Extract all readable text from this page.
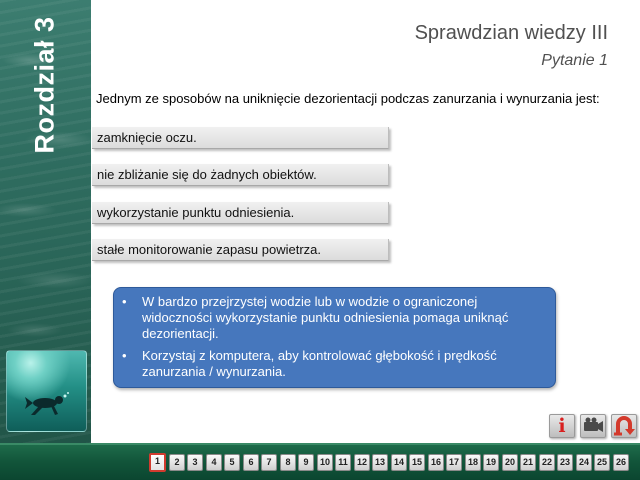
Rozdział 3	Sprawdzian wiedzy III
Pytanie 1
Jednym ze sposobów na uniknięcie dezorientacji podczas zanurzania i wynurzania jest:
zamknięcie oczu.
nie zbliżanie się do żadnych obiektów.
wykorzystanie punktu odniesienia.
stałe monitorowanie zapasu powietrza.
• W bardzo przejrzystej wodzie lub w wodzie o ograniczonej widoczności wykorzystanie punktu odniesienia pomaga uniknąć dezorientacji.
• Korzystaj z komputera, aby kontrolować głębokość i prędkość zanurzania / wynurzania.
i
1	2	3	4	5	6	7	8	9	10 11	12 13 14 15 16 17 18 19 20 21 22 23 24 25 26
